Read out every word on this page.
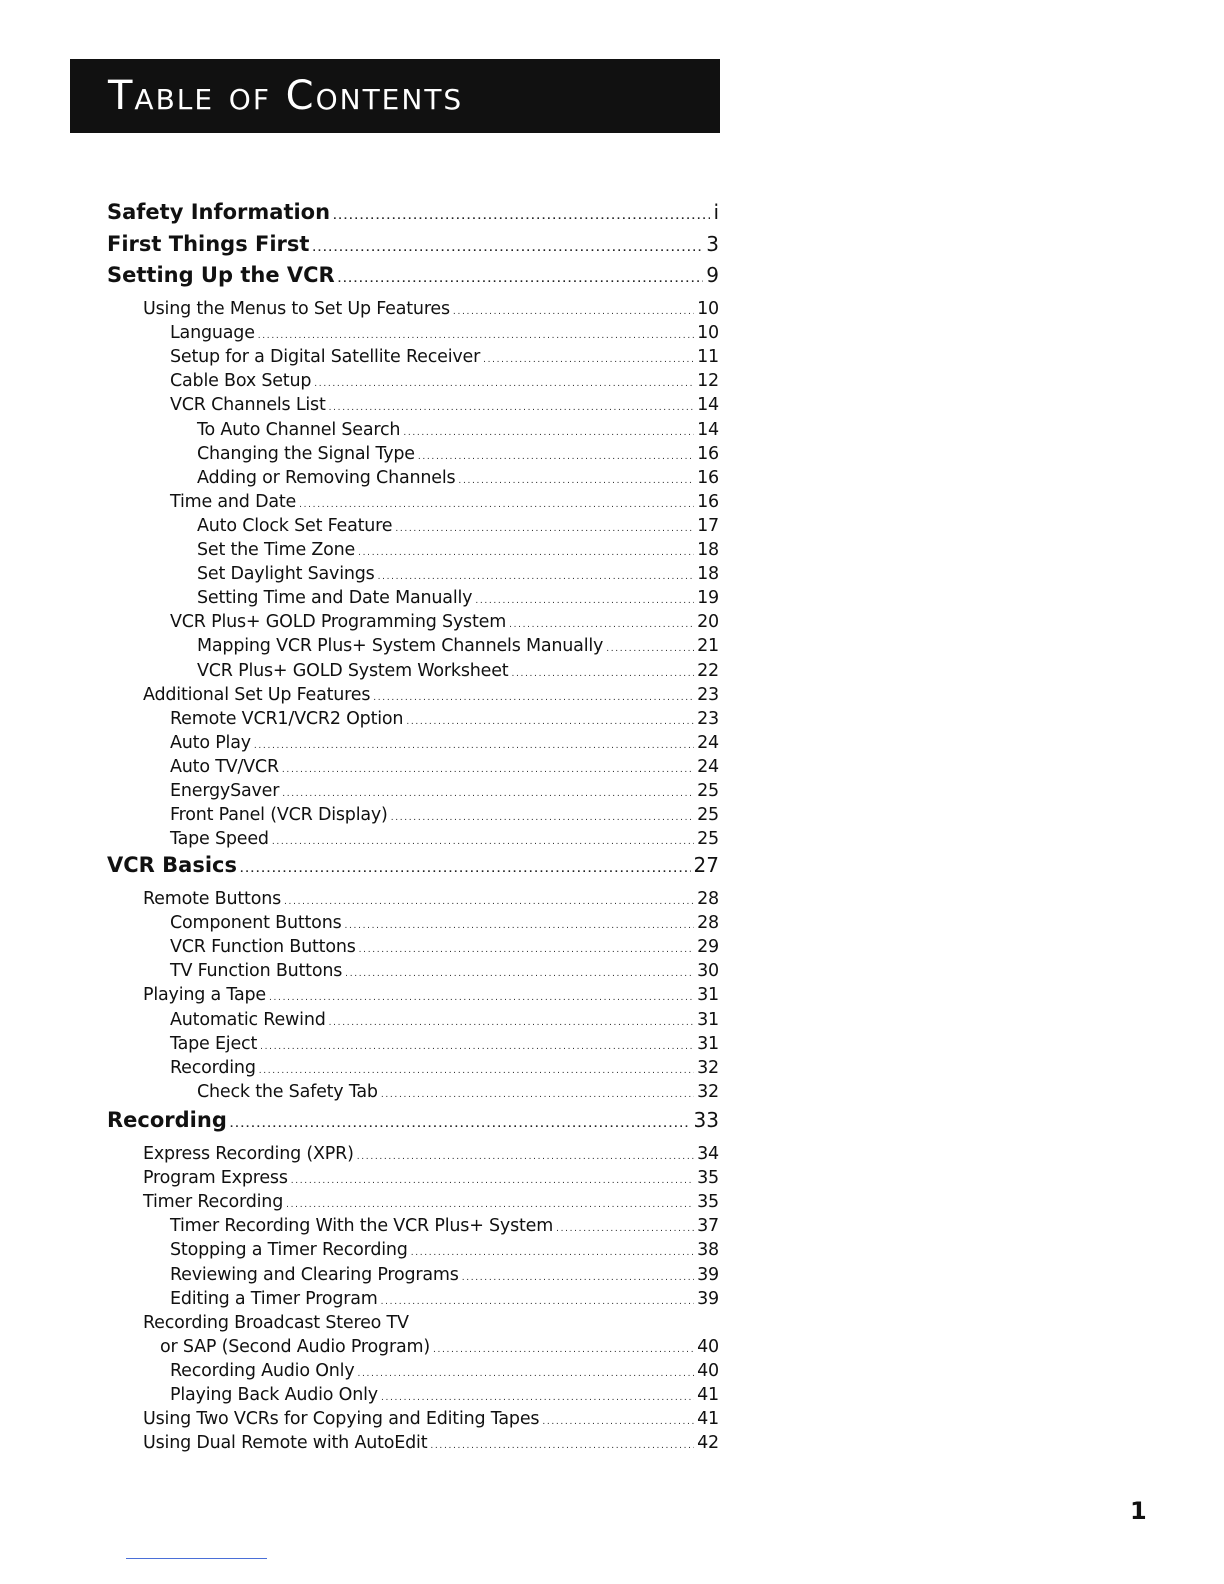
Table of Contents
Safety Information . . .	i
First Things First . . .	3
Setting Up the VCR . . .	9
Using the Menus to Set Up Features . . .	10
Language . . .	10
Setup for a Digital Satellite Receiver . . .	11
Cable Box Setup . . .	12
VCR Channels List . . .	14
To Auto Channel Search . . .	14
Changing the Signal Type . . .	16
Adding or Removing Channels . . .	16
Time and Date . . .	16
Auto Clock Set Feature . . .	17
Set the Time Zone . . .	18
Set Daylight Savings . . .	18
Setting Time and Date Manually . . .	19
VCR Plus+ GOLD Programming System . . .	20
Mapping VCR Plus+ System Channels Manually . . .	21
VCR Plus+ GOLD System Worksheet . . .	22
Additional Set Up Features . . .	23
Remote VCR1/VCR2 Option . . .	23
Auto Play . . .	24
Auto TV/VCR . . .	24
EnergySaver . . .	25
Front Panel (VCR Display) . . .	25
Tape Speed . . .	25
VCR Basics . . .	27
Remote Buttons . . .	28
Component Buttons . . .	28
VCR Function Buttons . . .	29
TV Function Buttons . . .	30
Playing a Tape . . .	31
Automatic Rewind . . .	31
Tape Eject . . .	31
Recording . . .	32
Check the Safety Tab . . .	32
Recording . . .	33
Express Recording (XPR) . . .	34
Program Express . . .	35
Timer Recording . . .	35
Timer Recording With the VCR Plus+ System . . .	37
Stopping a Timer Recording . . .	38
Reviewing and Clearing Programs . . .	39
Editing a Timer Program . . .	39
Recording Broadcast Stereo TV
or SAP (Second Audio Program) . . .	40
Recording Audio Only . . .	40
Playing Back Audio Only . . .	41
Using Two VCRs for Copying and Editing Tapes . . .	41
Using Dual Remote with AutoEdit . . .	42
1
